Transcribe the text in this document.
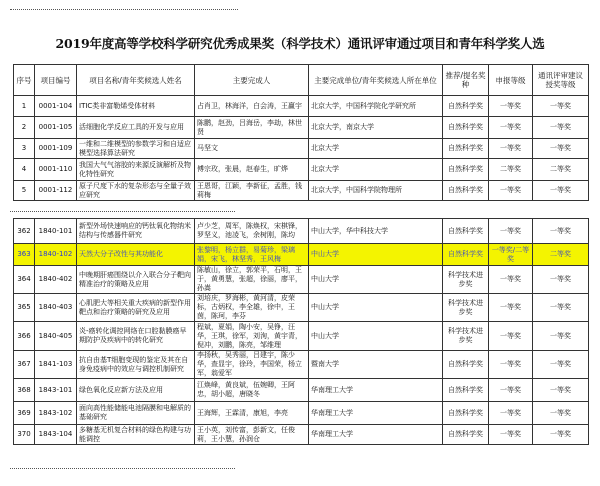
2019年度高等学校科学研究优秀成果奖（科学技术）通讯评审通过项目和青年科学奖人选
序号	项目编号	项目名称/青年奖候选人姓名	主要完成人	主要完成单位/青年奖候选人所在单位	推荐/提名奖种	申报等级	通讯评审建议授奖等级
1	0001-104	ITIC类非富勒烯受体材料	占肖卫，林海洋，白会涛，王赢宇	北京大学，中国科学院化学研究所	自然科学奖	一等奖	一等奖
2	0001-105	活细胞化学反应工具的开发与应用	陈鹏，赵劲，吕海岳，李劫，林世贤	北京大学，南京大学	自然科学奖	一等奖	一等奖
3	0001-109	一维和二维模型的参数学习和自适应模型选择算法研究	马坚文	北京大学	自然科学奖	一等奖	一等奖
4	0001-110	我国大气气溶胶的来源反演解析及物化特性研究	傅宗玫，张晨，赵春生，旷烨	北京大学	自然科学奖	二等奖	二等奖
5	0001-112	原子尺度下水的复杂形态与全量子效应研究	王恩哥，江颖，李新征，孟胜，钱莉梅	北京大学，中国科学院物理所	自然科学奖	一等奖	一等奖
362	1840-101	新型外场快速响应的钙钛氧化物纳米结构与传感器件研究	卢少芝，周军，陈焕权，宋棋锋，罗坚义，池凌飞，余树刚，陈均	中山大学，华中科技大学	自然科学奖	一等奖	一等奖
363	1840-102	天然大分子改性与其功能化	张黎明，杨立群，易菊珍，梁璃娟，宋飞，林坚秀，王风梅	中山大学	自然科学奖	一等奖/二等奖	二等奖
364	1840-402	中晚期肝癌围绕以介入联合分子靶向精准治疗的策略及应用	陈敏山，徐立，郭荣平，石明，王于，黄勇慧，张超，徐丽，廖平，孙嵩	中山大学	科学技术进步奖	一等奖	一等奖
365	1840-403	心肌肥大等相关重大疾病的新型作用靶点和治疗策略的研究及应用	刘培庆，罗海彬，黄河清，皮荣标，古炳权，李全雄，徐中，王茵，陈珂，李芬	中山大学	科学技术进步奖	一等奖	一等奖
366	1840-405	炎-癌转化调控网络在口腔黏膜癌早期防护及疾病中的转化研究	程斌，夏娟，陶小安，吴铮，汪华，王琪，徐军，刘洵，黄宇青，倪冲，刘鹏，陈亮，邹维理	中山大学	科学技术进步奖	一等奖	一等奖
367	1841-103	抗自由基T细胞变现的鉴定及其在自身免疫病中的效应与调控机制研究	李扬秋，吴秀丽，吕建宇，陈少华，查显宇，徐玲，李国荣，杨立军，翁爱军	暨南大学	自然科学奖	一等奖	一等奖
368	1843-101	绿色氧化反应新方法及应用	江焕峰，黄良斌，伍婉卿，王阿忠，胡小超，唐晓冬	华南理工大学	自然科学奖	一等奖	一等奖
369	1843-102	面向高性能储能电池隔膜和电解质的基础研究	王海辉，王霖清，康旭，李亮	华南理工大学	自然科学奖	一等奖	一等奖
370	1843-104	多糖基无机复合材料的绿色构建与功能调控	王小英，刘传富，彭新文，任俊莉，王小慧，孙润仓	华南理工大学	自然科学奖	一等奖	一等奖
